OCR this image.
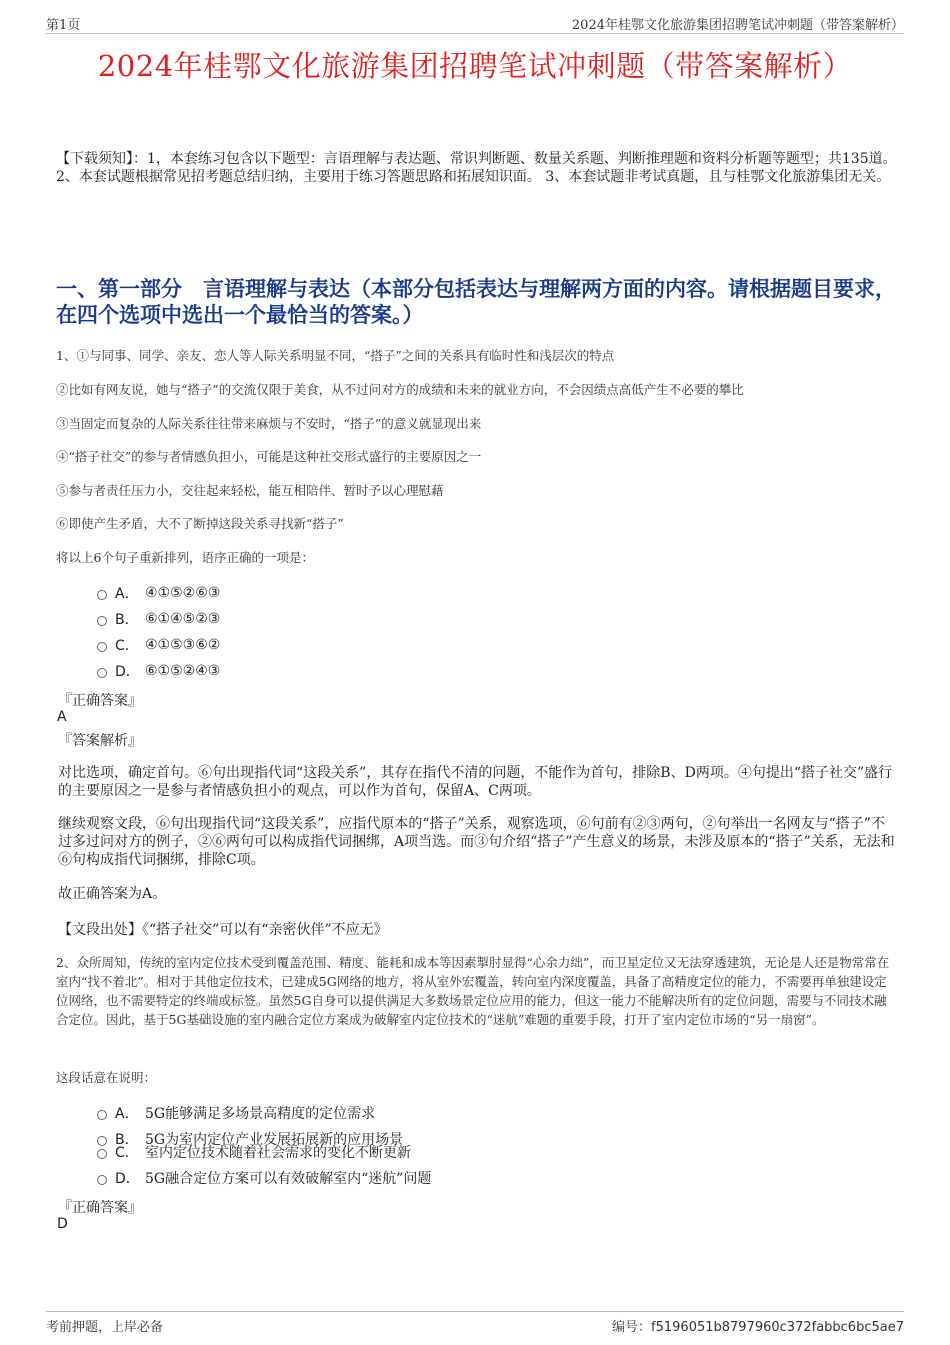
第1页	2024年桂鄂文化旅游集团招聘笔试冲刺题（带答案解析）
2024年桂鄂文化旅游集团招聘笔试冲刺题（带答案解析）

【下载须知】：1，本套练习包含以下题型：言语理解与表达题、常识判断题、数量关系题、判断推理题和资料分析题等题型；共135道。 2、本套试题根据常见招考题总结归纳，主要用于练习答题思路和拓展知识面。 3、本套试题非考试真题，且与桂鄂文化旅游集团无关。

一、第一部分　言语理解与表达（本部分包括表达与理解两方面的内容。请根据题目要求，在四个选项中选出一个最恰当的答案。）

1、①与同事、同学、亲友、恋人等人际关系明显不同，“搭子”之间的关系具有临时性和浅层次的特点

②比如有网友说，她与“搭子”的交流仅限于美食，从不过问对方的成绩和未来的就业方向，不会因绩点高低产生不必要的攀比

③当固定而复杂的人际关系往往带来麻烦与不安时，“搭子”的意义就显现出来

④“搭子社交”的参与者情感负担小，可能是这种社交形式盛行的主要原因之一

⑤参与者责任压力小，交往起来轻松，能互相陪伴、暂时予以心理慰藉

⑥即使产生矛盾，大不了断掉这段关系寻找新“搭子”

将以上6个句子重新排列，语序正确的一项是：

A． ④①⑤②⑥③
B． ⑥①④⑤②③
C． ④①⑤③⑥②
D． ⑥①⑤②④③
『正确答案』
A
『答案解析』

对比选项，确定首句。⑥句出现指代词“这段关系”，其存在指代不清的问题，不能作为首句，排除B、D两项。④句提出“搭子社交”盛行的主要原因之一是参与者情感负担小的观点，可以作为首句，保留A、C两项。

继续观察文段，⑥句出现指代词“这段关系”，应指代原本的“搭子”关系，观察选项，⑥句前有②③两句，②句举出一名网友与“搭子”不过多过问对方的例子，②⑥两句可以构成指代词捆绑，A项当选。而③句介绍“搭子”产生意义的场景，未涉及原本的“搭子”关系，无法和⑥句构成指代词捆绑，排除C项。

故正确答案为A。

【文段出处】《“搭子社交”可以有“亲密伙伴”不应无》

2、众所周知，传统的室内定位技术受到覆盖范围、精度、能耗和成本等因素掣肘显得“心余力绌”，而卫星定位又无法穿透建筑，无论是人还是物常常在室内“找不着北”。相对于其他定位技术，已建成5G网络的地方，将从室外宏覆盖，转向室内深度覆盖，具备了高精度定位的能力，不需要再单独建设定位网络，也不需要特定的终端或标签。虽然5G自身可以提供满足大多数场景定位应用的能力，但这一能力不能解决所有的定位问题，需要与不同技术融合定位。因此，基于5G基础设施的室内融合定位方案成为破解室内定位技术的“迷航”难题的重要手段，打开了室内定位市场的“另一扇窗”。

这段话意在说明：

A． 5G能够满足多场景高精度的定位需求
B． 5G为室内定位产业发展拓展新的应用场景
C． 室内定位技术随着社会需求的变化不断更新
D． 5G融合定位方案可以有效破解室内“迷航”问题
『正确答案』
D
考前押题，上岸必备	编号：f5196051b8797960c372fabbc6bc5ae7
